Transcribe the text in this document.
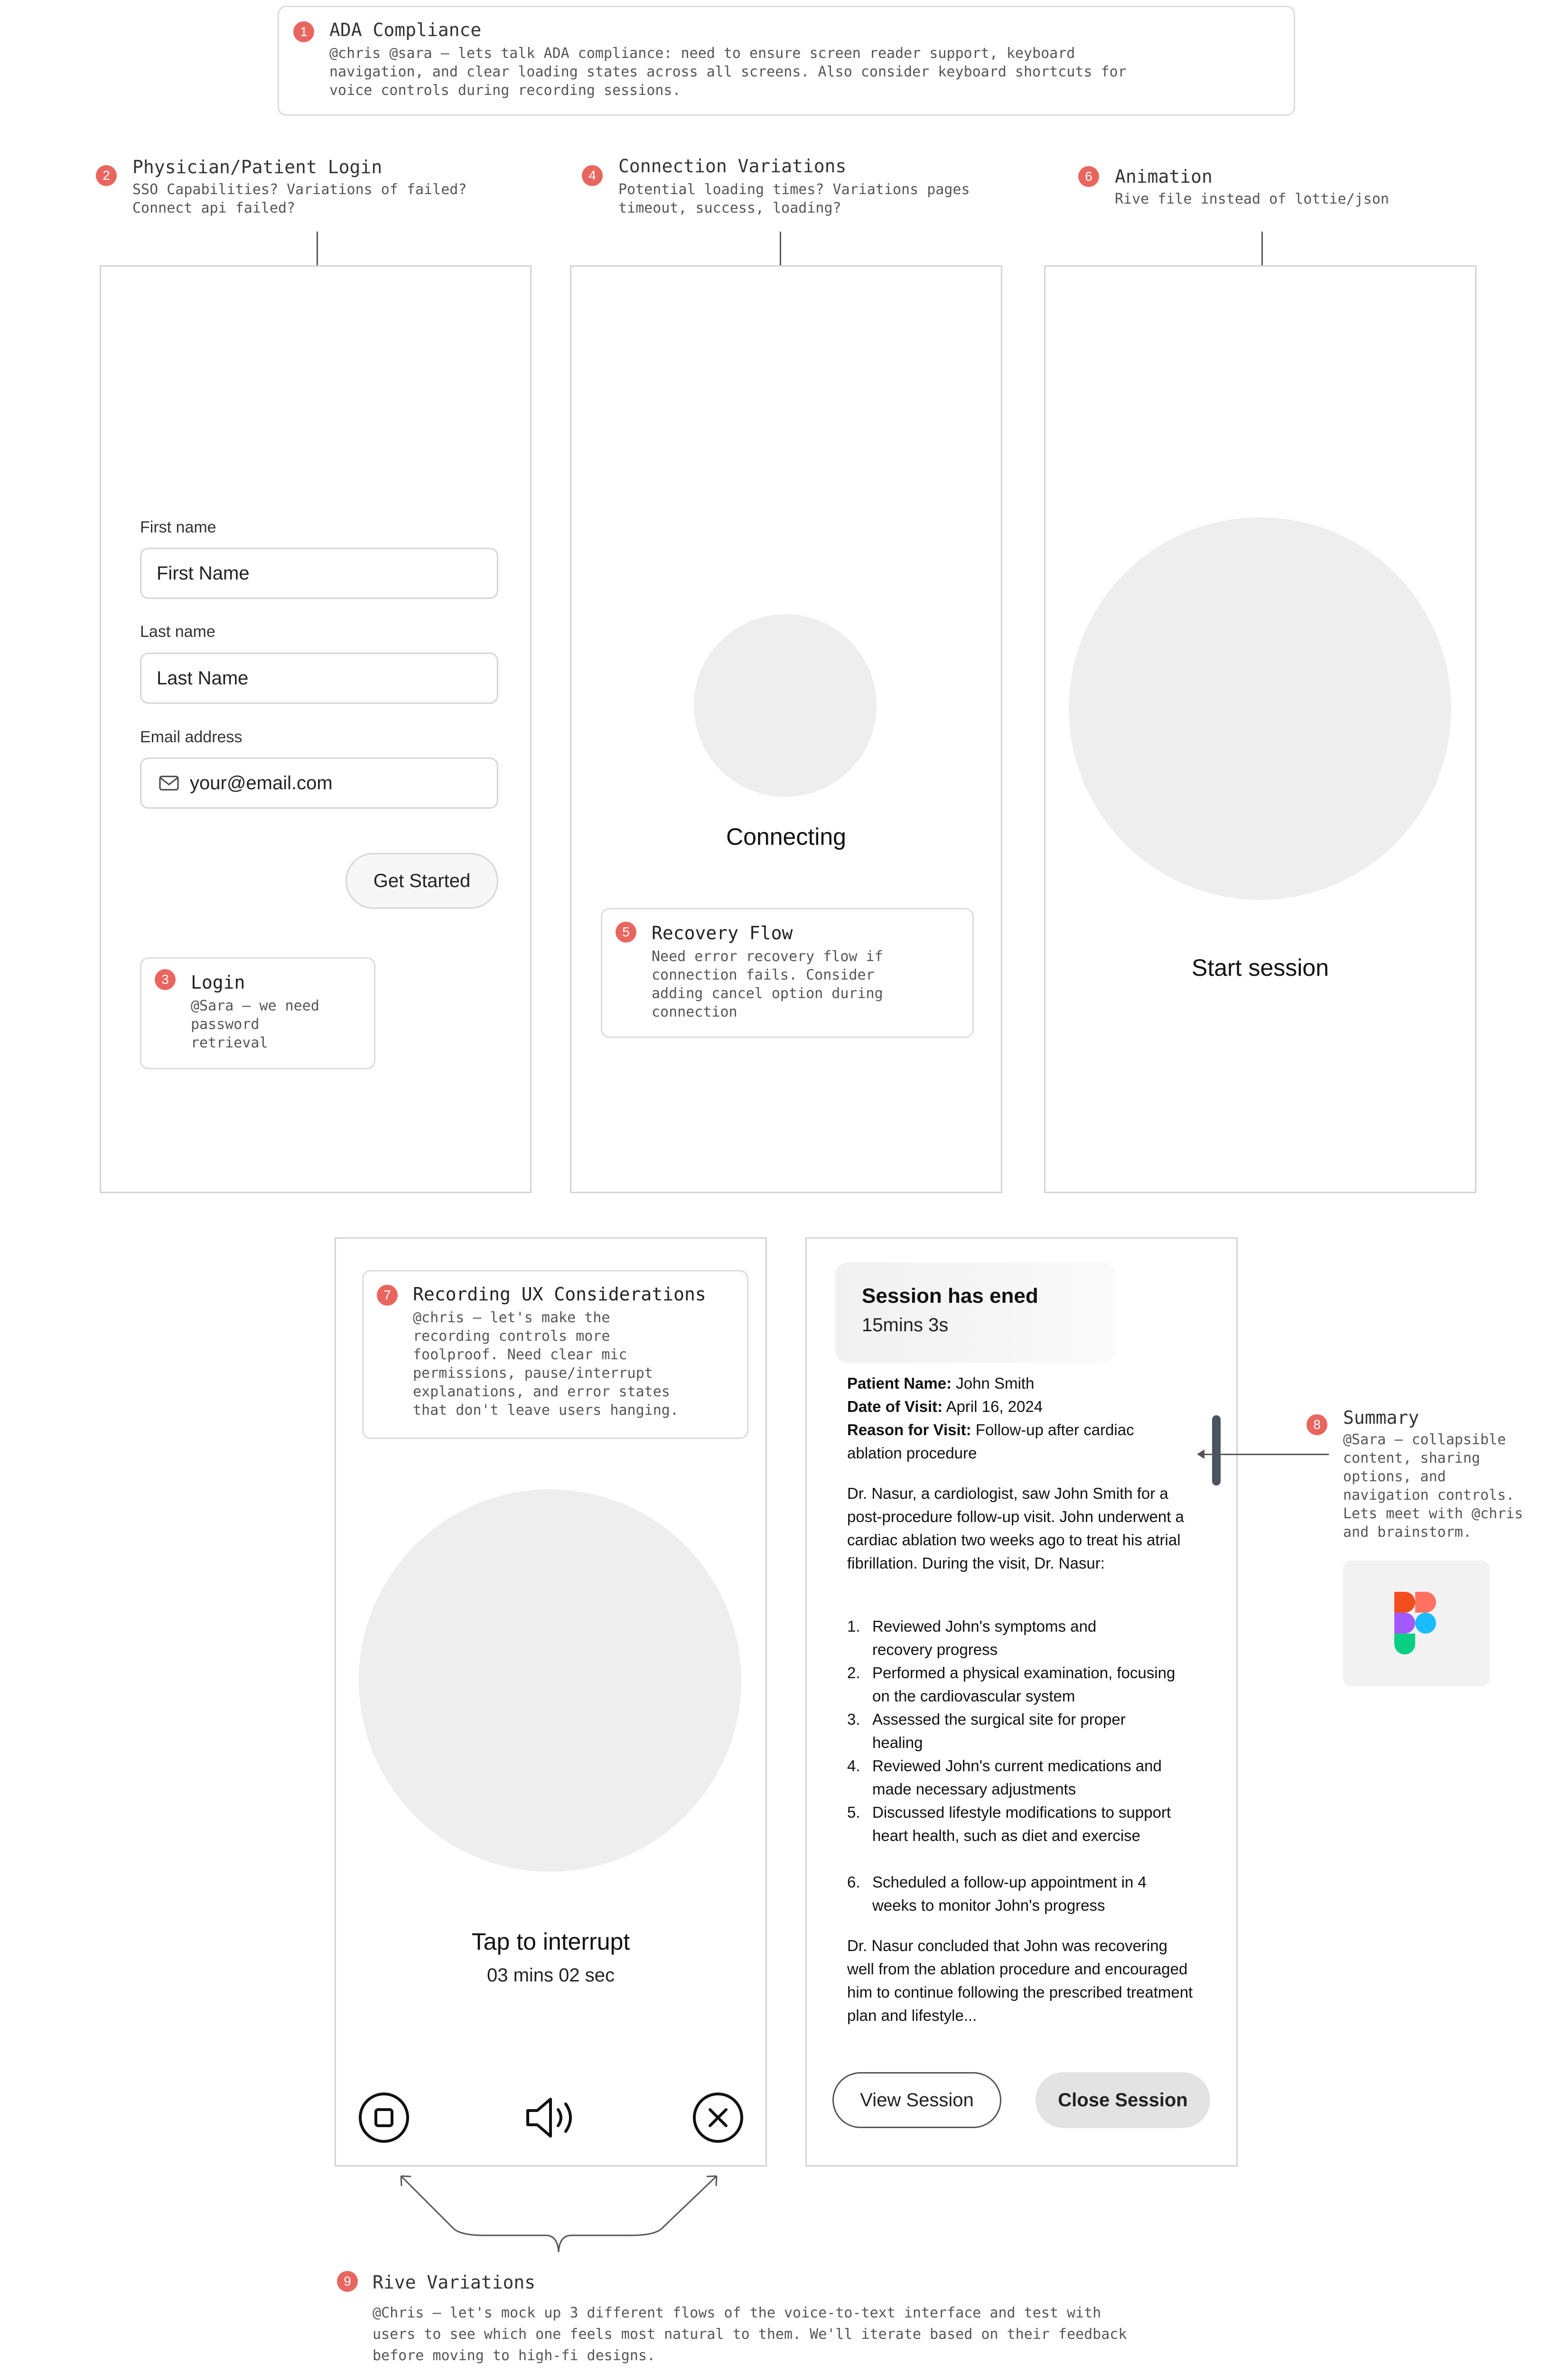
1	ADA Compliance
@chris @sara – lets talk ADA compliance: need to ensure screen reader support, keyboard
navigation, and clear loading states across all screens. Also consider keyboard shortcuts for
voice controls during recording sessions.
2	Physician/Patient Login
SSO Capabilities? Variations of failed?
Connect api failed?
4	Connection Variations
Potential loading times? Variations pages
timeout, success, loading?
6	Animation
Rive file instead of lottie/json
First name
First Name
Last name
Last Name
Email address
your@email.com
Get Started
3	Login
@Sara – we need
password
retrieval
Connecting
5	Recovery Flow
Need error recovery flow if
connection fails. Consider
adding cancel option during
connection
Start session
7	Recording UX Considerations
@chris – let's make the
recording controls more
foolproof. Need clear mic
permissions, pause/interrupt
explanations, and error states
that don't leave users hanging.
Tap to interrupt
03 mins 02 sec
Session has ened
15mins 3s
Patient Name: John Smith
Date of Visit: April 16, 2024
Reason for Visit: Follow-up after cardiac ablation procedure
Dr. Nasur, a cardiologist, saw John Smith for a post-procedure follow-up visit. John underwent a cardiac ablation two weeks ago to treat his atrial fibrillation. During the visit, Dr. Nasur:
1. Reviewed John's symptoms and recovery progress
2. Performed a physical examination, focusing on the cardiovascular system
3. Assessed the surgical site for proper healing
4. Reviewed John's current medications and made necessary adjustments
5. Discussed lifestyle modifications to support heart health, such as diet and exercise
6. Scheduled a follow-up appointment in 4 weeks to monitor John's progress
Dr. Nasur concluded that John was recovering well from the ablation procedure and encouraged him to continue following the prescribed treatment plan and lifestyle...
View Session	Close Session
8	Summary
@Sara – collapsible
content, sharing
options, and
navigation controls.
Lets meet with @chris
and brainstorm.
9	Rive Variations
@Chris – let's mock up 3 different flows of the voice-to-text interface and test with
users to see which one feels most natural to them. We'll iterate based on their feedback
before moving to high-fi designs.
